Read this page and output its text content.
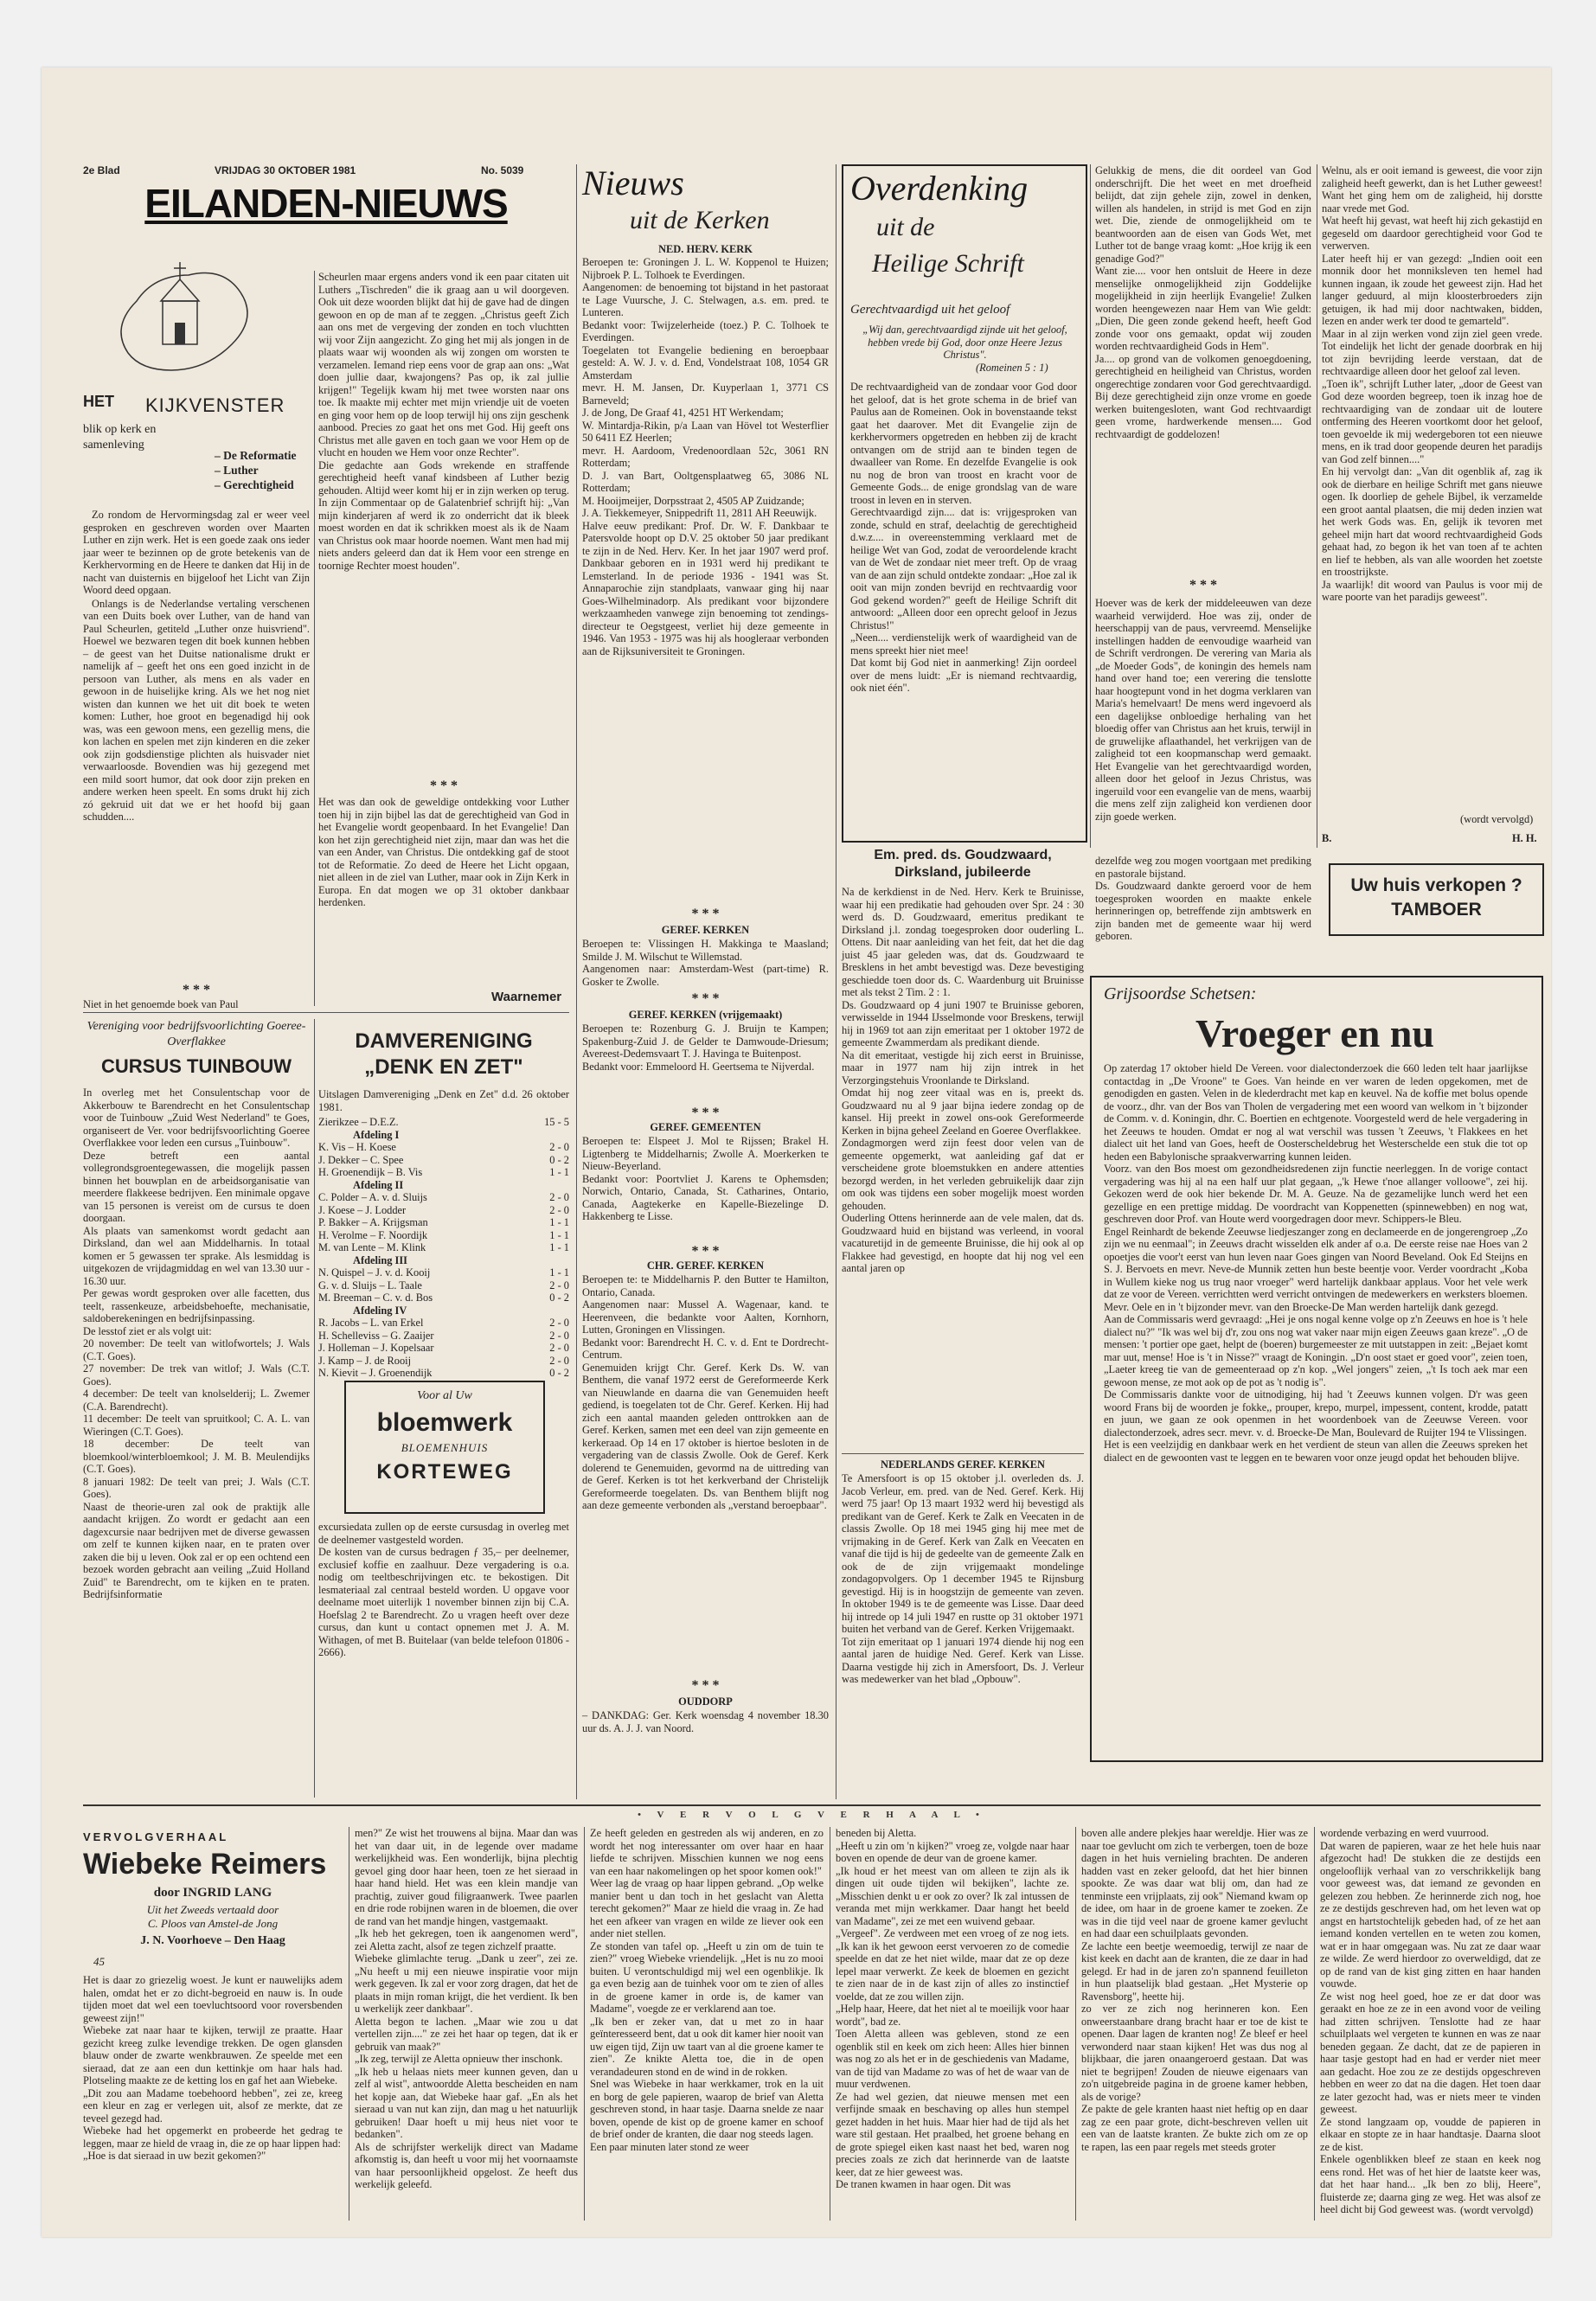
2e Blad	VRIJDAG 30 OKTOBER 1981	No. 5039
EILANDEN-NIEUWS
HET KIJKVENSTER
blik op kerk en samenleving
– De Reformatie
– Luther
– Gerechtigheid

Zo rondom de Hervormingsdag zal er weer veel gesproken en geschreven worden over Maarten Luther en zijn werk. Het is een goede zaak ons ieder jaar weer te bezinnen op de grote betekenis van de Kerkhervorming en de Heere te danken dat Hij in de nacht van duisternis en bijgeloof het Licht van Zijn Woord deed opgaan.

Onlangs is de Nederlandse vertaling verschenen van een Duits boek over Luther, van de hand van Paul Scheurlen, getiteld „Luther onze huisvriend". Hoewel we bezwaren tegen dit boek kunnen hebben – de geest van het Duitse nationalisme drukt er namelijk af – geeft het ons een goed inzicht in de persoon van Luther, als mens en als vader en gewoon in de huiselijke kring. Als we het nog niet wisten dan kunnen we het uit dit boek te weten komen: Luther, hoe groot en begenadigd hij ook was, was een gewoon mens, een gezellig mens, die kon lachen en spelen met zijn kinderen en die zeker ook zijn godsdienstige plichten als huisvader niet verwaarloosde. Bovendien was hij gezegend met een mild soort humor, dat ook door zijn preken en andere werken heen speelt. En soms drukt hij zich zó gekruid uit dat we er het hoofd bij gaan schudden....

* * *
Niet in het genoemde boek van Paul
Scheurlen maar ergens anders vond ik een paar citaten uit Luthers „Tischreden" die ik graag aan u wil doorgeven. Ook uit deze woorden blijkt dat hij de gave had de dingen gewoon en op de man af te zeggen. „Christus geeft Zich aan ons met de vergeving der zonden en toch vluchtten wij voor Zijn aangezicht. Zo ging het mij als jongen in de plaats waar wij woonden als wij zongen om worsten te verzamelen. Iemand riep eens voor de grap aan ons: „Wat doen jullie daar, kwajongens? Pas op, ik zal jullie krijgen!" Tegelijk kwam hij met twee worsten naar ons toe. Ik maakte mij echter met mijn vriendje uit de voeten en ging voor hem op de loop terwijl hij ons zijn geschenk aanbood. Precies zo gaat het ons met God. Hij geeft ons Christus met alle gaven en toch gaan we voor Hem op de vlucht en houden we Hem voor onze Rechter".
Die gedachte aan Gods wrekende en straffende gerechtigheid heeft vanaf kindsbeen af Luther bezig gehouden. Altijd weer komt hij er in zijn werken op terug. In zijn Commentaar op de Galatenbrief schrijft hij: „Van mijn kinderjaren af werd ik zo onderricht dat ik bleek moest worden en dat ik schrikken moest als ik de Naam van Christus ook maar hoorde noemen. Want men had mij niets anders geleerd dan dat ik Hem voor een strenge en toornige Rechter moest houden".
* * *
Het was dan ook de geweldige ontdekking voor Luther toen hij in zijn bijbel las dat de gerechtigheid van God in het Evangelie wordt geopenbaard. In het Evangelie! Dan kon het zijn gerechtigheid niet zijn, maar dan was het die van een Ander, van Christus. Die ontdekking gaf de stoot tot de Reformatie. Zo deed de Heere het Licht opgaan, niet alleen in de ziel van Luther, maar ook in Zijn Kerk in Europa. En dat mogen we op 31 oktober dankbaar herdenken.
Waarnemer
Vereniging voor bedrijfsvoorlichting Goeree-Overflakkee
CURSUS TUINBOUW
In overleg met het Consulentschap voor de Akkerbouw te Barendrecht en het Consulentschap voor de Tuinbouw „Zuid West Nederland" te Goes, organiseert de Ver. voor bedrijfsvoorlichting Goeree Overflakkee voor leden een cursus „Tuinbouw".
Deze betreft een aantal vollegrondsgroentegewassen, die mogelijk passen binnen het bouwplan en de arbeidsorganisatie van meerdere flakkeese bedrijven. Een minimale opgave van 15 personen is vereist om de cursus te doen doorgaan.
Als plaats van samenkomst wordt gedacht aan Dirksland, dan wel aan Middelharnis. In totaal komen er 5 gewassen ter sprake. Als lesmiddag is uitgekozen de vrijdagmiddag en wel van 13.30 uur - 16.30 uur.
Per gewas wordt gesproken over alle facetten, dus teelt, rassenkeuze, arbeidsbehoefte, mechanisatie, saldoberekeningen en bedrijfsinpassing.
De lesstof ziet er als volgt uit:
20 november: De teelt van witlofwortels; J. Wals (C.T. Goes).
27 november: De trek van witlof; J. Wals (C.T. Goes).
4 december: De teelt van knolselderij; L. Zwemer (C.A. Barendrecht).
11 december: De teelt van spruitkool; C. A. L. van Wieringen (C.T. Goes).
18 december: De teelt van bloemkool/winterbloemkool; J. M. B. Meulendijks (C.T. Goes).
8 januari 1982: De teelt van prei; J. Wals (C.T. Goes).
Naast de theorie-uren zal ook de praktijk alle aandacht krijgen. Zo wordt er gedacht aan een dagexcursie naar bedrijven met de diverse gewassen om zelf te kunnen kijken naar, en te praten over zaken die bij u leven. Ook zal er op een ochtend een bezoek worden gebracht aan veiling „Zuid Holland Zuid" te Barendrecht, om te kijken en te praten. Bedrijfsinformatie
DAMVERENIGING
„DENK EN ZET"
Uitslagen Damvereniging „Denk en Zet" d.d. 26 oktober 1981.
Zierikzee – D.E.Z.	15 - 5
Afdeling I
K. Vis – H. Koese	2 - 0
J. Dekker – C. Spee	0 - 2
H. Groenendijk – B. Vis	1 - 1
Afdeling II
C. Polder – A. v. d. Sluijs	2 - 0
J. Koese – J. Lodder	2 - 0
P. Bakker – A. Krijgsman	1 - 1
H. Verolme – F. Noordijk	1 - 1
M. van Lente – M. Klink	1 - 1
Afdeling III
N. Quispel – J. v. d. Kooij	1 - 1
G. v. d. Sluijs – L. Taale	2 - 0
M. Breeman – C. v. d. Bos	0 - 2
Afdeling IV
R. Jacobs – L. van Erkel	2 - 0
H. Schelleviss – G. Zaaijer	2 - 0
J. Holleman – J. Kopelsaar	2 - 0
J. Kamp – J. de Rooij	2 - 0
N. Kievit – J. Groenendijk	0 - 2
Voor al Uw
bloemwerk
BLOEMENHUIS
KORTEWEG
excursiedata zullen op de eerste cursusdag in overleg met de deelnemer vastgesteld worden.
De kosten van de cursus bedragen ƒ 35,– per deelnemer, exclusief koffie en zaalhuur. Deze vergadering is o.a. nodig om teeltbeschrijvingen etc. te bekostigen. Dit lesmateriaal zal centraal besteld worden. U opgave voor deelname moet uiterlijk 1 november binnen zijn bij C.A. Hoefslag 2 te Barendrecht. Zo u vragen heeft over deze cursus, dan kunt u contact opnemen met J. A. M. Withagen, of met B. Buitelaar (van belde telefoon 01806 - 2666).
Nieuws
uit de Kerken
NED. HERV. KERK
Beroepen te: Groningen J. L. W. Koppenol te Huizen; Nijbroek P. L. Tolhoek te Everdingen.
Aangenomen: de benoeming tot bijstand in het pastoraat te Lage Vuursche, J. C. Stelwagen, a.s. em. pred. te Lunteren.
Bedankt voor: Twijzelerheide (toez.) P. C. Tolhoek te Everdingen.
Toegelaten tot Evangelie bediening en beroepbaar gesteld: A. W. J. v. d. End, Vondelstraat 108, 1054 GR Amsterdam
mevr. H. M. Jansen, Dr. Kuyperlaan 1, 3771 CS Barneveld;
J. de Jong, De Graaf 41, 4251 HT Werkendam;
W. Mintardja-Rikin, p/a Laan van Hövel tot Westerflier 50 6411 EZ Heerlen;
mevr. H. Aardoom, Vredenoordlaan 52c, 3061 RN Rotterdam;
D. J. van Bart, Ooltgensplaatweg 65, 3086 NL Rotterdam;
M. Hooijmeijer, Dorpsstraat 2, 4505 AP Zuidzande;
J. A. Tiekkemeyer, Snippedrift 11, 2811 AH Reeuwijk.
Halve eeuw predikant: Prof. Dr. W. F. Dankbaar te Patersvolde hoopt op D.V. 25 oktober 50 jaar predikant te zijn in de Ned. Herv. Ker. In het jaar 1907 werd prof. Dankbaar geboren en in 1931 werd hij predikant te Lemsterland. In de periode 1936 - 1941 was St. Annaparochie zijn standplaats, vanwaar ging hij naar Goes-Wilhelminadorp. Als predikant voor bijzondere werkzaamheden vanwege zijn benoeming tot zendings-directeur te Oegstgeest, verliet hij deze gemeente in 1946. Van 1953 - 1975 was hij als hoogleraar verbonden aan de Rijksuniversiteit te Groningen.
* * *
GEREF. KERKEN
Beroepen te: Vlissingen H. Makkinga te Maasland; Smilde J. M. Wilschut te Willemstad.
Aangenomen naar: Amsterdam-West (part-time) R. Gosker te Zwolle.
* * *
GEREF. KERKEN (vrijgemaakt)
Beroepen te: Rozenburg G. J. Bruijn te Kampen; Spakenburg-Zuid J. de Gelder te Damwoude-Driesum; Avereest-Dedemsvaart T. J. Havinga te Buitenpost.
Bedankt voor: Emmeloord H. Geertsema te Nijverdal.
* * *
GEREF. GEMEENTEN
Beroepen te: Elspeet J. Mol te Rijssen; Brakel H. Ligtenberg te Middelharnis; Zwolle A. Moerkerken te Nieuw-Beyerland.
Bedankt voor: Poortvliet J. Karens te Ophemsden; Norwich, Ontario, Canada, St. Catharines, Ontario, Canada, Aagtekerke en Kapelle-Biezelinge D. Hakkenberg te Lisse.
* * *
CHR. GEREF. KERKEN
Beroepen te: te Middelharnis P. den Butter te Hamilton, Ontario, Canada.
Aangenomen naar: Mussel A. Wagenaar, kand. te Heerenveen, die bedankte voor Aalten, Kornhorn, Lutten, Groningen en Vlissingen.
Bedankt voor: Barendrecht H. C. v. d. Ent te Dordrecht-Centrum.
Genemuiden krijgt Chr. Geref. Kerk Ds. W. van Benthem, die vanaf 1972 eerst de Gereformeerde Kerk van Nieuwlande en daarna die van Genemuiden heeft gediend, is toegelaten tot de Chr. Geref. Kerken. Hij had zich een aantal maanden geleden onttrokken aan de Geref. Kerken, samen met een deel van zijn gemeente en kerkeraad. Op 14 en 17 oktober is hiertoe besloten in de vergadering van de classis Zwolle. Ook de Geref. Kerk dolerend te Genemuiden, gevormd na de uittreding van de Geref. Kerken is tot het kerkverband der Christelijk Gereformeerde toegelaten. Ds. van Benthem blijft nog aan deze gemeente verbonden als „verstand beroepbaar".
* * *
OUDDORP
– DANKDAG: Ger. Kerk woensdag 4 november 18.30 uur ds. A. J. J. van Noord.
Overdenking
uit de
Heilige Schrift
Gerechtvaardigd uit het geloof
„Wij dan, gerechtvaardigd zijnde uit het geloof, hebben vrede bij God, door onze Heere Jezus Christus".
(Romeinen 5 : 1)
De rechtvaardigheid van de zondaar voor God door het geloof, dat is het grote schema in de brief van Paulus aan de Romeinen. Ook in bovenstaande tekst gaat het daarover. Met dit Evangelie zijn de kerkhervormers opgetreden en hebben zij de kracht ontvangen om de strijd aan te binden tegen de dwaalleer van Rome. En dezelfde Evangelie is ook nu nog de bron van troost en kracht voor de Gemeente Gods... de enige grondslag van de ware troost in leven en in sterven.
Gerechtvaardigd zijn.... dat is: vrijgesproken van zonde, schuld en straf, deelachtig de gerechtigheid d.w.z.... in overeenstemming verklaard met de heilige Wet van God, zodat de veroordelende kracht van de Wet de zondaar niet meer treft. Op de vraag van de aan zijn schuld ontdekte zondaar: „Hoe zal ik ooit van mijn zonden bevrijd en rechtvaardig voor God gekend worden?" geeft de Heilige Schrift dit antwoord: „Alleen door een oprecht geloof in Jezus Christus!"
„Neen.... verdienstelijk werk of waardigheid van de mens spreekt hier niet mee!
Dat komt bij God niet in aanmerking! Zijn oordeel over de mens luidt: „Er is niemand rechtvaardig, ook niet één".
Em. pred. ds. Goudzwaard,
Dirksland, jubileerde
Na de kerkdienst in de Ned. Herv. Kerk te Bruinisse, waar hij een predikatie had gehouden over Spr. 24 : 30 werd ds. D. Goudzwaard, emeritus predikant te Dirksland j.l. zondag toegesproken door ouderling L. Ottens. Dit naar aanleiding van het feit, dat het die dag juist 45 jaar geleden was, dat ds. Goudzwaard te Bresklens in het ambt bevestigd was. Deze bevestiging geschiedde toen door ds. C. Waardenburg uit Bruinisse met als tekst 2 Tim. 2 : 1.
Ds. Goudzwaard op 4 juni 1907 te Bruinisse geboren, verwisselde in 1944 IJsselmonde voor Breskens, terwijl hij in 1969 tot aan zijn emeritaat per 1 oktober 1972 de gemeente Zwammerdam als predikant diende.
Na dit emeritaat, vestigde hij zich eerst in Bruinisse, maar in 1977 nam hij zijn intrek in het Verzorgingstehuis Vroonlande te Dirksland.
Omdat hij nog zeer vitaal was en is, preekt ds. Goudzwaard nu al 9 jaar bijna iedere zondag op de kansel. Hij preekt in zowel ons-ook Gereformeerde Kerken in bijna geheel Zeeland en Goeree Overflakkee.
Zondagmorgen werd zijn feest door velen van de gemeente opgemerkt, wat aanleiding gaf dat er verscheidene grote bloemstukken en andere attenties bezorgd werden, in het verleden gebruikelijk daar zijn om ook was tijdens een sober mogelijk moest worden gehouden.
Ouderling Ottens herinnerde aan de vele malen, dat ds. Goudzwaard huid en bijstand was verleend, in vooral vacaturetijd in de gemeente Bruinisse, die hij ook al op Flakkee had gevestigd, en hoopte dat hij nog vel een aantal jaren op
NEDERLANDS GEREF. KERKEN
Te Amersfoort is op 15 oktober j.l. overleden ds. J. Jacob Verleur, em. pred. van de Ned. Geref. Kerk. Hij werd 75 jaar! Op 13 maart 1932 werd hij bevestigd als predikant van de Geref. Kerk te Zalk en Veecaten in de classis Zwolle. Op 18 mei 1945 ging hij mee met de vrijmaking in de Geref. Kerk van Zalk en Veecaten en vanaf die tijd is hij de gedeelte van de gemeente Zalk en ook de de zijn vrijgemaakt mondelinge zondagopvolgers. Op 1 december 1945 te Rijnsburg gevestigd. Hij is in hoogstzijn de gemeente van zeven. In oktober 1949 is te de gemeente was Lisse. Daar deed hij intrede op 14 juli 1947 en rustte op 31 oktober 1971 buiten het verband van de Geref. Kerken Vrijgemaakt.
Tot zijn emeritaat op 1 januari 1974 diende hij nog een aantal jaren de huidige Ned. Geref. Kerk van Lisse. Daarna vestigde hij zich in Amersfoort, Ds. J. Verleur was medewerker van het blad „Opbouw".
Gelukkig de mens, die dit oordeel van God onderschrijft. Die het weet en met droefheid belijdt, dat zijn gehele zijn, zowel in denken, willen als handelen, in strijd is met God en zijn wet. Die, ziende de onmogelijkheid om te beantwoorden aan de eisen van Gods Wet, met Luther tot de bange vraag komt: „Hoe krijg ik een genadige God?"
Want zie.... voor hen ontsluit de Heere in deze menselijke onmogelijkheid zijn Goddelijke mogelijkheid in zijn heerlijk Evangelie! Zulken worden heengewezen naar Hem van Wie geldt: „Dien, Die geen zonde gekend heeft, heeft God zonde voor ons gemaakt, opdat wij zouden worden rechtvaardigheid Gods in Hem".
Ja.... op grond van de volkomen genoegdoening, gerechtigheid en heiligheid van Christus, worden ongerechtige zondaren voor God gerechtvaardigd. Bij deze gerechtigheid zijn onze vrome en goede werken buitengesloten, want God rechtvaardigt geen vrome, hardwerkende mensen.... God rechtvaardigt de goddelozen!
* * *
Hoever was de kerk der middeleeuwen van deze waarheid verwijderd. Hoe was zij, onder de heerschappij van de paus, vervreemd. Menselijke instellingen hadden de eenvoudige waarheid van de Schrift verdrongen. De verering van Maria als „de Moeder Gods", de koningin des hemels nam hand over hand toe; een verering die tenslotte haar hoogtepunt vond in het dogma verklaren van Maria's hemelvaart! De mens werd ingevoerd als een dagelijkse onbloedige herhaling van het bloedig offer van Christus aan het kruis, terwijl in de gruwelijke aflaathandel, het verkrijgen van de zaligheid tot een koopmanschap werd gemaakt. Het Evangelie van het gerechtvaardigd worden, alleen door het geloof in Jezus Christus, was ingeruild voor een evangelie van de mens, waarbij die mens zelf zijn zaligheid kon verdienen door zijn goede werken.
Welnu, als er ooit iemand is geweest, die voor zijn zaligheid heeft gewerkt, dan is het Luther geweest! Want het ging hem om de zaligheid, hij dorstte naar vrede met God.
Wat heeft hij gevast, wat heeft hij zich gekastijd en gegeseld om daardoor gerechtigheid voor God te verwerven.
Later heeft hij er van gezegd: „Indien ooit een monnik door het monniksleven ten hemel had kunnen ingaan, ik zoude het geweest zijn. Had het langer geduurd, al mijn kloosterbroeders zijn getuigen, ik had mij door nachtwaken, bidden, lezen en ander werk ter dood te gemarteld".
Maar in al zijn werken vond zijn ziel geen vrede. Tot eindelijk het licht der genade doorbrak en hij tot zijn bevrijding leerde verstaan, dat de rechtvaardige alleen door het geloof zal leven.
„Toen ik", schrijft Luther later, „door de Geest van God deze woorden begreep, toen ik inzag hoe de rechtvaardiging van de zondaar uit de loutere ontferming des Heeren voortkomt door het geloof, toen gevoelde ik mij wedergeboren tot een nieuwe mens, en ik trad door geopende deuren het paradijs van God zelf binnen...."
En hij vervolgt dan: „Van dit ogenblik af, zag ik ook de dierbare en heilige Schrift met gans nieuwe ogen. Ik doorliep de gehele Bijbel, ik verzamelde een groot aantal plaatsen, die mij deden inzien wat het werk Gods was. En, gelijk ik tevoren met geheel mijn hart dat woord rechtvaardigheid Gods gehaat had, zo begon ik het van toen af te achten en lief te hebben, als van alle woorden het zoetste en troostrijkste.
Ja waarlijk! dit woord van Paulus is voor mij de ware poorte van het paradijs geweest".
(wordt vervolgd)
B.	H. H.
dezelfde weg zou mogen voortgaan met prediking en pastorale bijstand.
Ds. Goudzwaard dankte geroerd voor de hem toegesproken woorden en maakte enkele herinneringen op, betreffende zijn ambtswerk en zijn banden met de gemeente waar hij werd geboren.
Uw huis verkopen ?
TAMBOER
Grijsoordse Schetsen:
Vroeger en nu
Op zaterdag 17 oktober hield De Vereen. voor dialectonderzoek die 660 leden telt haar jaarlijkse contactdag in „De Vroone" te Goes. Van heinde en ver waren de leden opgekomen, met de genodigden en gasten. Velen in de klederdracht met kap en keuvel. Na de koffie met bolus opende de voorz., dhr. van der Bos van Tholen de vergadering met een woord van welkom in 't bijzonder de Comm. v. d. Koningin, dhr. C. Boertien en echtgenote. Voorgesteld werd de hele vergadering in het Zeeuws te houden. Omdat er nog al wat verschil was tussen 't Zeeuws, 't Flakkees en het dialect uit het land van Goes, heeft de Oosterscheldebrug het Westerschelde een stuk die tot op heden een Babylonische spraakverwarring kunnen leiden.
Voorz. van den Bos moest om gezondheidsredenen zijn functie neerleggen. In de vorige contact vergadering was hij al na een half uur plat gegaan, „'k Hewe t'noe allanger volloowe", zei hij. Gekozen werd de ook hier bekende Dr. M. A. Geuze. Na de gezamelijke lunch werd het een gezellige en een prettige middag. De voordracht van Koppenetten (spinnewebben) en nog wat, geschreven door Prof. van Houte werd voorgedragen door mevr. Schippers-le Bleu.
Engel Reinhardt de bekende Zeeuwse liedjeszanger zong en declameerde en de jongerengroep „Zo zijn we nu eenmaal"; in Zeeuws dracht wisselden elk ander af o.a. De eerste reise nae Hoes van 2 opoetjes die voor't eerst van hun leven naar Goes gingen van Noord Beveland. Ook Ed Steijns en S. J. Bervoets en mevr. Neve-de Munnik zetten hun beste beentje voor. Verder voordracht „Koba in Wullem kieke nog us trug naor vroeger" werd hartelijk dankbaar applaus. Voor het vele werk dat ze voor de Vereen. verrichtten werd verricht ontvingen de medewerkers en werksters bloemen. Mevr. Oele en in 't bijzonder mevr. van den Broecke-De Man werden hartelijk dank gezegd.
Aan de Commissaris werd gevraagd: „Hei je ons nogal kenne volge op z'n Zeeuws en hoe is 't hele dialect nu?" "Ik was wel bij d'r, zou ons nog wat vaker naar mijn eigen Zeeuws gaan kreze". „O de mensen: 't portier ope gaet, helpt de (boeren) burgemeester ze mit uutstappen in zeit: „Bejaet komt mar uut, mense! Hoe is 't in Nisse?" vraagt de Koningin. „D'n oost staet er goed voor", zeien toen, „Laeter kreeg tie van de gemeenteraad op z'n kop. „Wel jongers" zeien, „'t Is toch aek mar een gewoon mense, ze mot aok op de pot as 't nodig is".
De Commissaris dankte voor de uitnodiging, hij had 't Zeeuws kunnen volgen. D'r was geen woord Frans bij de woorden je fokke,, prouper, krepo, murpel, impessent, content, krodde, patatt en juun, we gaan ze ook openmen in het woordenboek van de Zeeuwse Vereen. voor dialectonderzoek, adres secr. mevr. v. d. Broecke-De Man, Boulevard de Ruijter 194 te Vlissingen.
Het is een veelzijdig en dankbaar werk en het verdient de steun van allen die Zeeuws spreken het dialect en de gewoonten vast te leggen en te bewaren voor onze jeugd opdat het behouden blijve.
• V E R V O L G V E R H A A L •
VERVOLGVERHAAL
Wiebeke Reimers
door INGRID LANG
Uit het Zweeds vertaald door
C. Ploos van Amstel-de Jong
J. N. Voorhoeve – Den Haag
45
Het is daar zo griezelig woest. Je kunt er nauwelijks adem halen, omdat het er zo dicht-begroeid en nauw is. In oude tijden moet dat wel een toevluchtsoord voor roversbenden geweest zijn!"
Wiebeke zat naar haar te kijken, terwijl ze praatte. Haar gezicht kreeg zulke levendige trekken. De ogen glansden blauw onder de zwarte wenkbrauwen. Ze speelde met een sieraad, dat ze aan een dun kettinkje om haar hals had. Plotseling maakte ze de ketting los en gaf het aan Wiebeke.
„Dit zou aan Madame toebehoord hebben", zei ze, kreeg een kleur en zag er verlegen uit, alsof ze merkte, dat ze teveel gezegd had.
Wiebeke had het opgemerkt en probeerde het gedrag te leggen, maar ze hield de vraag in, die ze op haar lippen had:
„Hoe is dat sieraad in uw bezit gekomen?"
men?" Ze wist het trouwens al bijna. Maar dan was het van daar uit, in de legende over madame werkelijkheid was. Een wonderlijk, bijna plechtig gevoel ging door haar heen, toen ze het sieraad in haar hand hield. Het was een klein mandje van prachtig, zuiver goud filigraanwerk. Twee paarlen en drie rode robijnen waren in de bloemen, die over de rand van het mandje hingen, vastgemaakt.
„Ik heb het gekregen, toen ik aangenomen werd", zei Aletta zacht, alsof ze tegen zichzelf praatte.
Wiebeke glimlachte terug. „Dank u zeer", zei ze. „Nu heeft u mij een nieuwe inspiratie voor mijn werk gegeven. Ik zal er voor zorg dragen, dat het de plaats in mijn roman krijgt, die het verdient. Ik ben u werkelijk zeer dankbaar".
Aletta begon te lachen. „Maar wie zou u dat vertellen zijn...." ze zei het haar op tegen, dat ik er gebruik van maak?"
„Ik zeg, terwijl ze Aletta opnieuw ther inschonk.
„Ik heb u helaas niets meer kunnen geven, dan u zelf al wist", antwoordde Aletta bescheiden en nam het kopje aan, dat Wiebeke haar gaf. „En als het sieraad u van nut kan zijn, dan mag u het natuurlijk gebruiken! Daar hoeft u mij heus niet voor te bedanken".
Als de schrijfster werkelijk direct van Madame afkomstig is, dan heeft u voor mij het voornaamste van haar persoonlijkheid opgelost. Ze heeft dus werkelijk geleefd.
Ze heeft geleden en gestreden als wij anderen, en zo wordt het nog interessanter om over haar en haar liefde te schrijven. Misschien kunnen we nog eens van een haar nakomelingen op het spoor komen ook!"
Weer lag de vraag op haar lippen gebrand. „Op welke manier bent u dan toch in het geslacht van Aletta terecht gekomen?" Maar ze hield die vraag in. Ze had het een afkeer van vragen en wilde ze liever ook een ander niet stellen.
Ze stonden van tafel op. „Heeft u zin om de tuin te zien?" vroeg Wiebeke vriendelijk. „Het is nu zo mooi buiten. U verontschuldigd mij wel een ogenblikje. Ik ga even bezig aan de tuinhek voor om te zien of alles in de groene kamer in orde is, de kamer van Madame", voegde ze er verklarend aan toe.
„Ik ben er zeker van, dat u met zo in haar geïnteresseerd bent, dat u ook dit kamer hier nooit van uw eigen tijd, Zijn uw taart van al die groene kamer te zien". Ze knikte Aletta toe, die in de open verandadeuren stond en de wind in de rokken.
Snel was Wiebeke in haar werkkamer, trok en la uit en borg de gele papieren, waarop de brief van Aletta geschreven stond, in haar tasje. Daarna snelde ze naar boven, opende de kist op de groene kamer en schoof de brief onder de kranten, die daar nog steeds lagen.
Een paar minuten later stond ze weer
beneden bij Aletta.
„Heeft u zin om 'n kijken?" vroeg ze, volgde naar haar boven en opende de deur van de groene kamer.
„Ik houd er het meest van om alleen te zijn als ik dingen uit oude tijden wil bekijken", lachte ze. „Misschien denkt u er ook zo over? Ik zal intussen de veranda met mijn werkkamer. Daar hangt het beeld van Madame", zei ze met een wuivend gebaar.
„Vergeef". Ze verdween met een vroeg of ze nog iets. „Ik kan ik het gewoon eerst vervoeren zo de comedie speelde en dat ze het niet wilde, maar dat ze op deze lepel maar verwerkt. Ze keek de bloemen en gezicht te zien naar de in de kast zijn of alles zo instinctief voelde, dat ze zou willen zijn.
„Help haar, Heere, dat het niet al te moeilijk voor haar wordt", bad ze.
Toen Aletta alleen was gebleven, stond ze een ogenblik stil en keek om zich heen: Alles hier binnen was nog zo als het er in de geschiedenis van Madame, van de tijd van Madame zo was of het de waar van de muur verdwenen.
Ze had wel gezien, dat nieuwe mensen met een verfijnde smaak en beschaving op alles hun stempel gezet hadden in het huis. Maar hier had de tijd als het ware stil gestaan. Het praalbed, het groene behang en de grote spiegel eiken kast naast het bed, waren nog precies zoals ze zich dat herinnerde van de laatste keer, dat ze hier geweest was.
De tranen kwamen in haar ogen. Dit was
boven alle andere plekjes haar wereldje. Hier was ze naar toe gevlucht om zich te verbergen, toen de boze dagen in het huis vernieling brachten. De anderen hadden vast en zeker geloofd, dat het hier binnen spookte. Ze was daar wat blij om, dan had ze tenminste een vrijplaats, zij ook" Niemand kwam op de idee, om haar in de groene kamer te zoeken. Ze was in die tijd veel naar de groene kamer gevlucht en had daar een schuilplaats gevonden.
Ze lachte een beetje weemoedig, terwijl ze naar de kist keek en dacht aan de kranten, die ze daar in had gelegd. Er had in de jaren zo'n spannend feuilleton in hun plaatselijk blad gestaan. „Het Mysterie op Ravensborg", heette hij.
zo ver ze zich nog herinneren kon. Een onweerstaanbare drang bracht haar er toe de kist te openen. Daar lagen de kranten nog! Ze bleef er heel verwonderd naar staan kijken! Het was dus nog al blijkbaar, die jaren onaangeroerd gestaan. Dat was niet te begrijpen! Zouden de nieuwe eigenaars van zo'n uitgebreide pagina in de groene kamer hebben, als de vorige?
Ze pakte de gele kranten haast niet heftig op en daar zag ze een paar grote, dicht-beschreven vellen uit een van de laatste kranten. Ze bukte zich om ze op te rapen, las een paar regels met steeds groter
wordende verbazing en werd vuurrood.
Dat waren de papieren, waar ze het hele huis naar afgezocht had! De stukken die ze destijds een ongelooflijk verhaal van zo verschrikkelijk bang voor geweest was, dat iemand ze gevonden en gelezen zou hebben. Ze herinnerde zich nog, hoe ze ze destijds geschreven had, om het leven wat op angst en hartstochtelijk gebeden had, of ze het aan iemand konden vertellen en te weten zou komen, wat er in haar omgegaan was. Nu zat ze daar waar ze wilde. Ze werd hierdoor zo overweldigd, dat ze op de rand van de kist ging zitten en haar handen vouwde.
Ze wist nog heel goed, hoe ze er dat door was geraakt en hoe ze ze in een avond voor de veiling had zitten schrijven. Tenslotte had ze haar schuilplaats wel vergeten te kunnen en was ze naar beneden gegaan. Ze dacht, dat ze de papieren in haar tasje gestopt had en had er verder niet meer aan gedacht. Hoe zou ze ze destijds opgeschreven hebben en weer zo dat na die dagen. Het toen daar ze later gezocht had, was er niets meer te vinden geweest.
Ze stond langzaam op, voudde de papieren in elkaar en stopte ze in haar handtasje. Daarna sloot ze de kist.
Enkele ogenblikken bleef ze staan en keek nog eens rond. Het was of het hier de laatste keer was, dat het haar hand... „Ik ben zo blij, Heere", fluisterde ze; daarna ging ze weg. Het was alsof ze heel dicht bij God geweest was. (wordt vervolgd)
